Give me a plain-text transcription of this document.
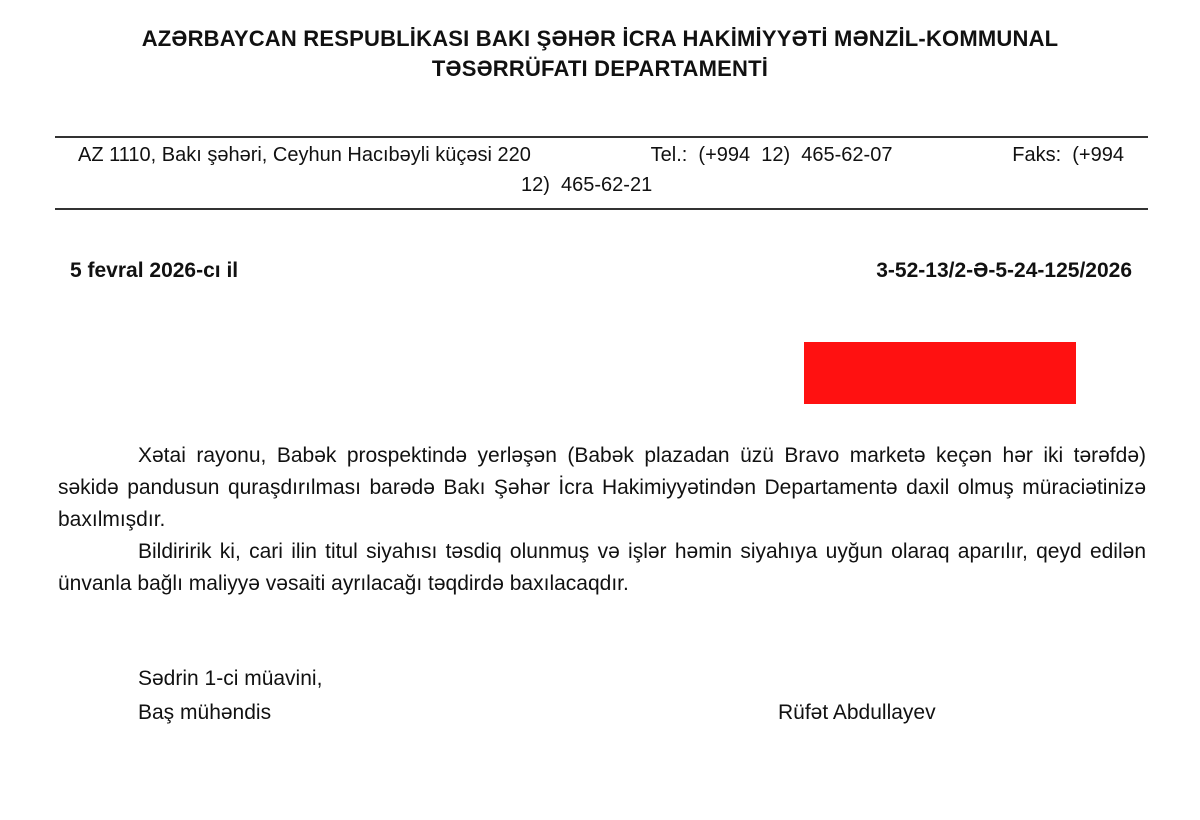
AZƏRBAYCAN RESPUBLİKASI BAKI ŞƏHƏR İCRA HAKİMİYYƏTİ MƏNZİL-KOMMUNAL
TƏSƏRRÜFATI DEPARTAMENTİ
AZ 1110, Bakı şəhəri, Ceyhun Hacıbəyli küçəsi 220	Tel.:  (+994  12)  465-62-07	Faks:  (+994
12)  465-62-21
5 fevral 2026-cı il	3-52-13/2-Ə-5-24-125/2026

Xətai rayonu, Babək prospektində yerləşən (Babək plazadan üzü Bravo marketə keçən hər iki tərəfdə) səkidə pandusun quraşdırılması barədə Bakı Şəhər İcra Hakimiyyətindən Departamentə daxil olmuş müraciətinizə baxılmışdır.

Bildiririk ki, cari ilin titul siyahısı təsdiq olunmuş və işlər həmin siyahıya uyğun olaraq aparılır, qeyd edilən ünvanla bağlı maliyyə vəsaiti ayrılacağı təqdirdə baxılacaqdır.

Sədrin 1-ci müavini,
Baş mühəndis	Rüfət Abdullayev
